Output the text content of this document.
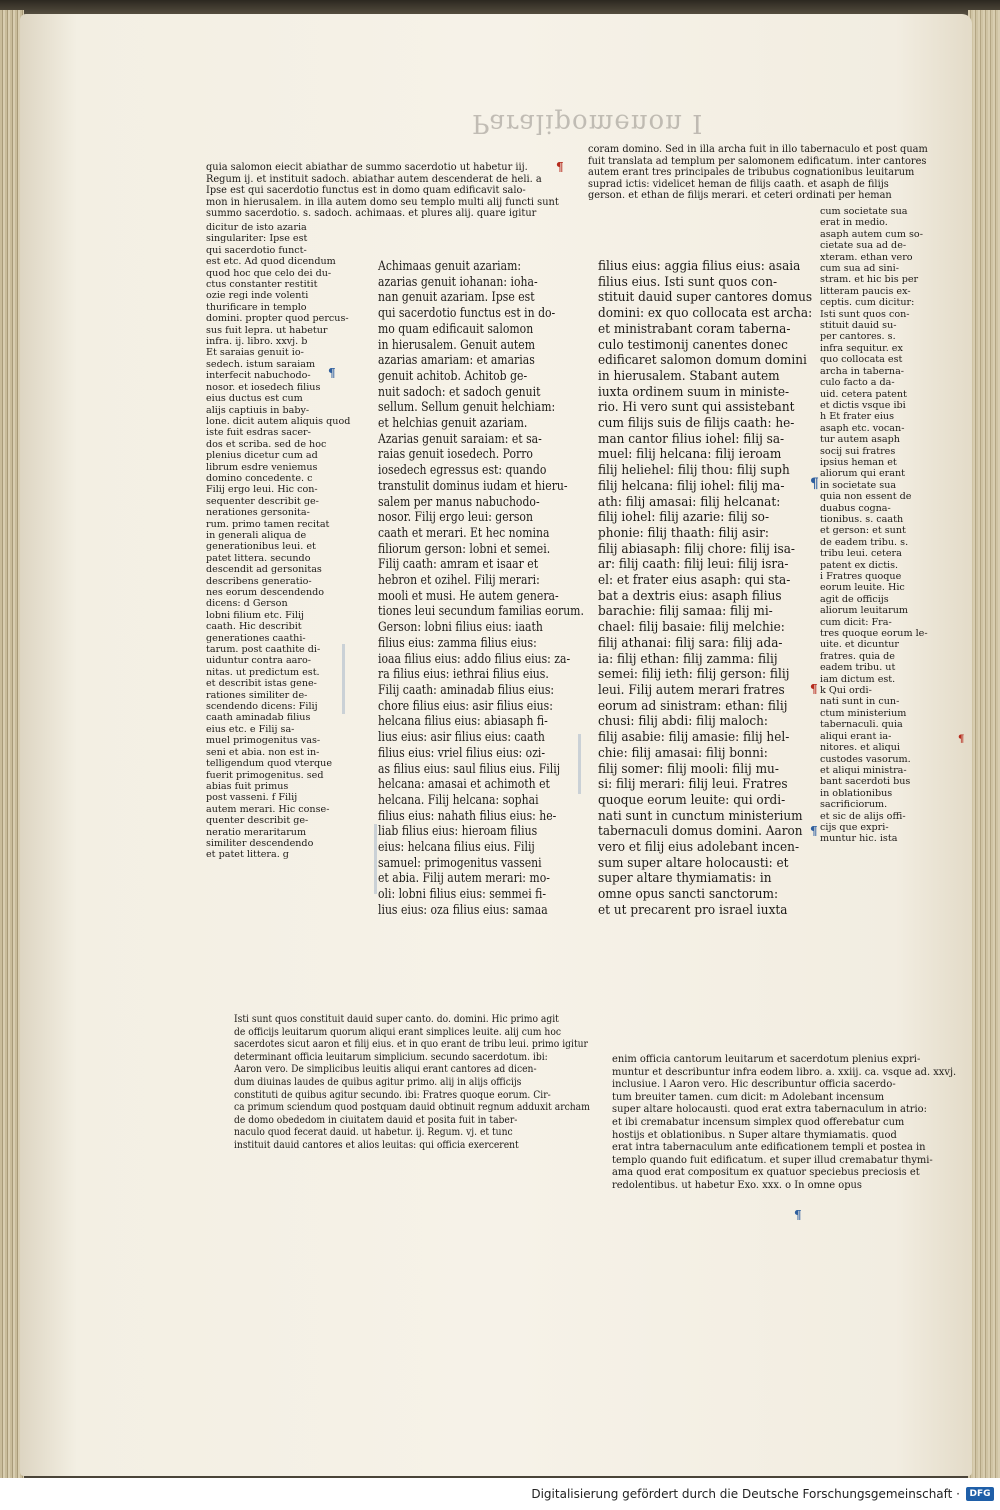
Paralipomenon I
quia salomon eiecit abiathar de summo sacerdotio ut habetur iij.
Regum ij. et instituit sadoch. abiathar autem descenderat de heli. a
Ipse est qui sacerdotio functus est in domo quam edificavit salo-
mon in hierusalem. in illa autem domo seu templo multi alij functi sunt
summo sacerdotio. s. sadoch. achimaas. et plures alij. quare igitur
coram domino. Sed in illa archa fuit in illo tabernaculo et post quam
fuit translata ad templum per salomonem edificatum. inter cantores
autem erant tres principales de tribubus cognationibus leuitarum
suprad ictis: videlicet heman de filijs caath. et asaph de filijs
gerson. et ethan de filijs merari. et ceteri ordinati per heman
dicitur de isto azaria
singulariter: Ipse est
qui sacerdotio funct-
est etc. Ad quod dicendum
quod hoc que celo dei du-
ctus constanter restitit
ozie regi inde volenti
thurificare in templo
domini. propter quod percus-
sus fuit lepra. ut habetur
infra. ij. libro. xxvj. b
Et saraias genuit io-
sedech. istum saraiam
interfecit nabuchodo-
nosor. et iosedech filius
eius ductus est cum
alijs captiuis in baby-
lone. dicit autem aliquis quod
iste fuit esdras sacer-
dos et scriba. sed de hoc
plenius dicetur cum ad
librum esdre veniemus
domino concedente. c
Filij ergo leui. Hic con-
sequenter describit ge-
nerationes gersonita-
rum. primo tamen recitat
in generali aliqua de
generationibus leui. et
patet littera. secundo
descendit ad gersonitas
describens generatio-
nes eorum descendendo
dicens: d Gerson
lobni filium etc. Filij
caath. Hic describit
generationes caathi-
tarum. post caathite di-
uiduntur contra aaro-
nitas. ut predictum est.
et describit istas gene-
rationes similiter de-
scendendo dicens: Filij
caath aminadab filius
eius etc. e Filij sa-
muel primogenitus vas-
seni et abia. non est in-
telligendum quod vterque
fuerit primogenitus. sed
abias fuit primus
post vasseni. f Filij
autem merari. Hic conse-
quenter describit ge-
neratio meraritarum
similiter descendendo
et patet littera. g
Achimaas genuit azariam:
azarias genuit iohanan: ioha-
nan genuit azariam. Ipse est
qui sacerdotio functus est in do-
mo quam edificauit salomon
in hierusalem. Genuit autem
azarias amariam: et amarias
genuit achitob. Achitob ge-
nuit sadoch: et sadoch genuit
sellum. Sellum genuit helchiam:
et helchias genuit azariam.
Azarias genuit saraiam: et sa-
raias genuit iosedech. Porro
iosedech egressus est: quando
transtulit dominus iudam et hieru-
salem per manus nabuchodo-
nosor. Filij ergo leui: gerson
caath et merari. Et hec nomina
filiorum gerson: lobni et semei.
Filij caath: amram et isaar et
hebron et ozihel. Filij merari:
mooli et musi. He autem genera-
tiones leui secundum familias eorum.
Gerson: lobni filius eius: iaath
filius eius: zamma filius eius:
ioaa filius eius: addo filius eius: za-
ra filius eius: iethrai filius eius.
Filij caath: aminadab filius eius:
chore filius eius: asir filius eius:
helcana filius eius: abiasaph fi-
lius eius: asir filius eius: caath
filius eius: vriel filius eius: ozi-
as filius eius: saul filius eius. Filij
helcana: amasai et achimoth et
helcana. Filij helcana: sophai
filius eius: nahath filius eius: he-
liab filius eius: hieroam filius
eius: helcana filius eius. Filij
samuel: primogenitus vasseni
et abia. Filij autem merari: mo-
oli: lobni filius eius: semmei fi-
lius eius: oza filius eius: samaa
filius eius: aggia filius eius: asaia
filius eius. Isti sunt quos con-
stituit dauid super cantores domus
domini: ex quo collocata est archa:
et ministrabant coram taberna-
culo testimonij canentes donec
edificaret salomon domum domini
in hierusalem. Stabant autem
iuxta ordinem suum in ministe-
rio. Hi vero sunt qui assistebant
cum filijs suis de filijs caath: he-
man cantor filius iohel: filij sa-
muel: filij helcana: filij ieroam
filij heliehel: filij thou: filij suph
filij helcana: filij iohel: filij ma-
ath: filij amasai: filij helcanat:
filij iohel: filij azarie: filij so-
phonie: filij thaath: filij asir:
filij abiasaph: filij chore: filij isa-
ar: filij caath: filij leui: filij isra-
el: et frater eius asaph: qui sta-
bat a dextris eius: asaph filius
barachie: filij samaa: filij mi-
chael: filij basaie: filij melchie:
filij athanai: filij sara: filij ada-
ia: filij ethan: filij zamma: filij
semei: filij ieth: filij gerson: filij
leui. Filij autem merari fratres
eorum ad sinistram: ethan: filij
chusi: filij abdi: filij maloch:
filij asabie: filij amasie: filij hel-
chie: filij amasai: filij bonni:
filij somer: filij mooli: filij mu-
si: filij merari: filij leui. Fratres
quoque eorum leuite: qui ordi-
nati sunt in cunctum ministerium
tabernaculi domus domini. Aaron
vero et filij eius adolebant incen-
sum super altare holocausti: et
super altare thymiamatis: in
omne opus sancti sanctorum:
et ut precarent pro israel iuxta
cum societate sua
erat in medio.
asaph autem cum so-
cietate sua ad de-
xteram. ethan vero
cum sua ad sini-
stram. et hic bis per
litteram paucis ex-
ceptis. cum dicitur:
Isti sunt quos con-
stituit dauid su-
per cantores. s.
infra sequitur. ex
quo collocata est
archa in taberna-
culo facto a da-
uid. cetera patent
et dictis vsque ibi
h Et frater eius
asaph etc. vocan-
tur autem asaph
socij sui fratres
ipsius heman et
aliorum qui erant
in societate sua
quia non essent de
duabus cogna-
tionibus. s. caath
et gerson: et sunt
de eadem tribu. s.
tribu leui. cetera
patent ex dictis.
i Fratres quoque
eorum leuite. Hic
agit de officijs
aliorum leuitarum
cum dicit: Fra-
tres quoque eorum le-
uite. et dicuntur
fratres. quia de
eadem tribu. ut
iam dictum est.
k Qui ordi-
nati sunt in cun-
ctum ministerium
tabernaculi. quia
aliqui erant ia-
nitores. et aliqui
custodes vasorum.
et aliqui ministra-
bant sacerdoti bus
in oblationibus
sacrificiorum.
et sic de alijs offi-
cijs que expri-
muntur hic. ista
Isti sunt quos constituit dauid super canto. do. domini. Hic primo agit
de officijs leuitarum quorum aliqui erant simplices leuite. alij cum hoc
sacerdotes sicut aaron et filij eius. et in quo erant de tribu leui. primo igitur
determinant officia leuitarum simplicium. secundo sacerdotum. ibi:
Aaron vero. De simplicibus leuitis aliqui erant cantores ad dicen-
dum diuinas laudes de quibus agitur primo. alij in alijs officijs
constituti de quibus agitur secundo. ibi: Fratres quoque eorum. Cir-
ca primum sciendum quod postquam dauid obtinuit regnum adduxit archam
de domo obededom in ciuitatem dauid et posita fuit in taber-
naculo quod fecerat dauid. ut habetur. ij. Regum. vj. et tunc
instituit dauid cantores et alios leuitas: qui officia exercerent
enim officia cantorum leuitarum et sacerdotum plenius expri-
muntur et describuntur infra eodem libro. a. xxiij. ca. vsque ad. xxvj.
inclusiue. l Aaron vero. Hic describuntur officia sacerdo-
tum breuiter tamen. cum dicit: m Adolebant incensum
super altare holocausti. quod erat extra tabernaculum in atrio:
et ibi cremabatur incensum simplex quod offerebatur cum
hostijs et oblationibus. n Super altare thymiamatis. quod
erat intra tabernaculum ante edificationem templi et postea in
templo quando fuit edificatum. et super illud cremabatur thymi-
ama quod erat compositum ex quatuor speciebus preciosis et
redolentibus. ut habetur Exo. xxx. o In omne opus
¶
¶
¶
¶
¶
¶
¶
Digitalisierung gefördert durch die Deutsche Forschungsgemeinschaft ·	DFG
